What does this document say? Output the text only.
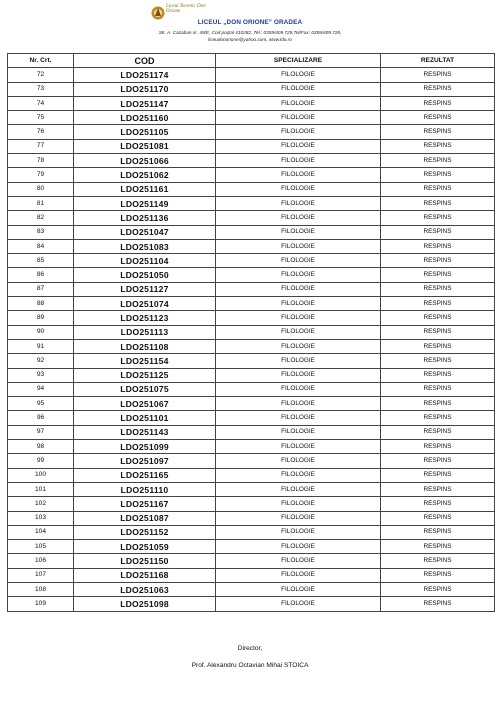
Liceul Teoretic Don Orione
LICEUL „DON ORIONE” ORADEA
Str. A. Cazaban nr. 49/E, Cod poştal 410282, Tel.: 0359/409.729,Tel/Fax: 0359/409.728,
liceudonorione@yahoo.com, www.ldo.ro
Nr. Crt.	COD	SPECIALIZARE	REZULTAT
72	LDO251174	FILOLOGIE	RESPINS
73	LDO251170	FILOLOGIE	RESPINS
74	LDO251147	FILOLOGIE	RESPINS
75	LDO251160	FILOLOGIE	RESPINS
76	LDO251105	FILOLOGIE	RESPINS
77	LDO251081	FILOLOGIE	RESPINS
78	LDO251066	FILOLOGIE	RESPINS
79	LDO251062	FILOLOGIE	RESPINS
80	LDO251161	FILOLOGIE	RESPINS
81	LDO251149	FILOLOGIE	RESPINS
82	LDO251136	FILOLOGIE	RESPINS
83	LDO251047	FILOLOGIE	RESPINS
84	LDO251083	FILOLOGIE	RESPINS
85	LDO251104	FILOLOGIE	RESPINS
86	LDO251050	FILOLOGIE	RESPINS
87	LDO251127	FILOLOGIE	RESPINS
88	LDO251074	FILOLOGIE	RESPINS
89	LDO251123	FILOLOGIE	RESPINS
90	LDO251113	FILOLOGIE	RESPINS
91	LDO251108	FILOLOGIE	RESPINS
92	LDO251154	FILOLOGIE	RESPINS
93	LDO251125	FILOLOGIE	RESPINS
94	LDO251075	FILOLOGIE	RESPINS
95	LDO251067	FILOLOGIE	RESPINS
96	LDO251101	FILOLOGIE	RESPINS
97	LDO251143	FILOLOGIE	RESPINS
98	LDO251099	FILOLOGIE	RESPINS
99	LDO251097	FILOLOGIE	RESPINS
100	LDO251165	FILOLOGIE	RESPINS
101	LDO251110	FILOLOGIE	RESPINS
102	LDO251167	FILOLOGIE	RESPINS
103	LDO251087	FILOLOGIE	RESPINS
104	LDO251152	FILOLOGIE	RESPINS
105	LDO251059	FILOLOGIE	RESPINS
106	LDO251150	FILOLOGIE	RESPINS
107	LDO251168	FILOLOGIE	RESPINS
108	LDO251063	FILOLOGIE	RESPINS
109	LDO251098	FILOLOGIE	RESPINS
Director,
Prof. Alexandru Octavian Mihai STOICA
